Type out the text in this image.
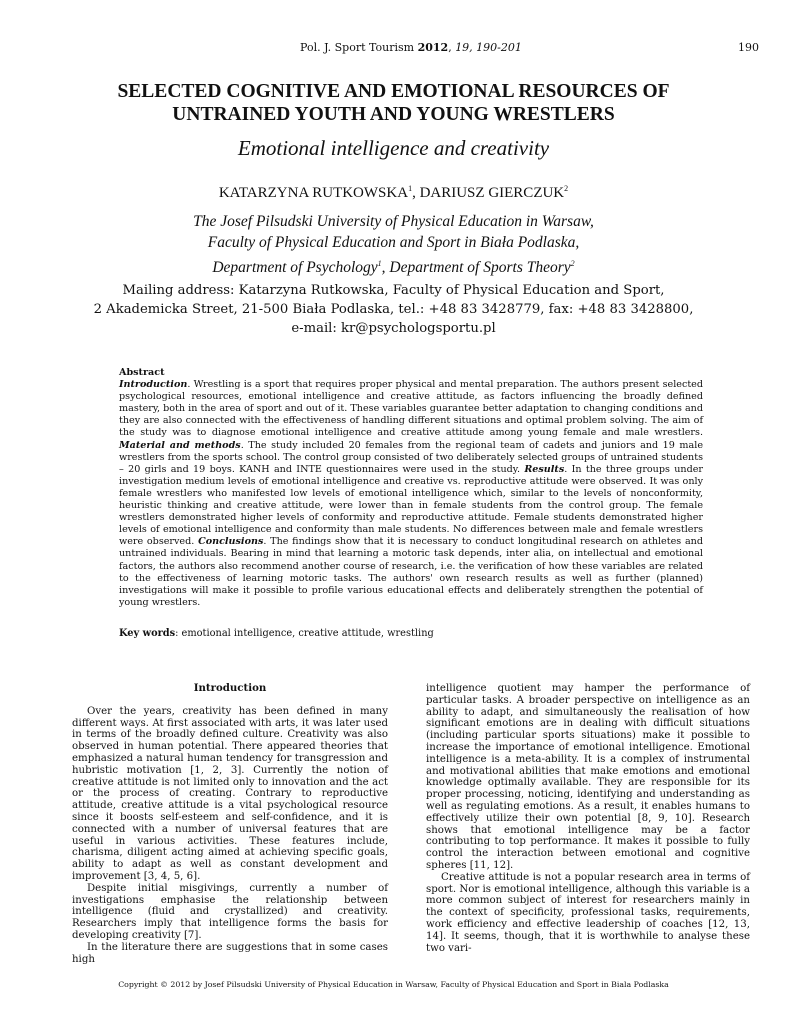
Pol. J. Sport Tourism 2012, 19, 190-201	190
SELECTED COGNITIVE AND EMOTIONAL RESOURCES OF
UNTRAINED YOUTH AND YOUNG WRESTLERS
Emotional intelligence and creativity
KATARZYNA RUTKOWSKA$^1$, DARIUSZ GIERCZUK$^2$
The Josef Pilsudski University of Physical Education in Warsaw,
Faculty of Physical Education and Sport in Biała Podlaska,
Department of Psychology$^1$, Department of Sports Theory$^2$
Mailing address: Katarzyna Rutkowska, Faculty of Physical Education and Sport,
2 Akademicka Street, 21-500 Biała Podlaska, tel.: +48 83 3428779, fax: +48 83 3428800,
e-mail: kr@psychologsportu.pl
Abstract
Introduction. Wrestling is a sport that requires proper physical and mental preparation. The authors present selected psychological resources, emotional intelligence and creative attitude, as factors influencing the broadly defined mastery, both in the area of sport and out of it. These variables guarantee better adaptation to changing conditions and they are also connected with the effectiveness of handling different situations and optimal problem solving. The aim of the study was to diagnose emotional intelligence and creative attitude among young female and male wrestlers. Material and methods. The study included 20 females from the regional team of cadets and juniors and 19 male wrestlers from the sports school. The control group consisted of two deliberately selected groups of untrained students – 20 girls and 19 boys. KANH and INTE questionnaires were used in the study. Results. In the three groups under investigation medium levels of emotional intelligence and creative vs. reproductive attitude were observed. It was only female wrestlers who manifested low levels of emotional intelligence which, similar to the levels of nonconformity, heuristic thinking and creative attitude, were lower than in female students from the control group. The female wrestlers demonstrated higher levels of conformity and reproductive attitude. Female students demonstrated higher levels of emotional intelligence and conformity than male students. No differences between male and female wrestlers were observed. Conclusions. The findings show that it is necessary to conduct longitudinal research on athletes and untrained individuals. Bearing in mind that learning a motoric task depends, inter alia, on intellectual and emotional factors, the authors also recommend another course of research, i.e. the verification of how these variables are related to the effectiveness of learning motoric tasks. The authors' own research results as well as further (planned) investigations will make it possible to profile various educational effects and deliberately strengthen the potential of young wrestlers.
Key words: emotional intelligence, creative attitude, wrestling

Introduction

Over the years, creativity has been defined in many different ways. At first associated with arts, it was later used in terms of the broadly defined culture. Creativity was also observed in human potential. There appeared theories that emphasized a natural human tendency for transgression and hubristic motivation [1, 2, 3]. Currently the notion of creative attitude is not limited only to innovation and the act or the process of creating. Contrary to reproductive attitude, creative attitude is a vital psychological resource since it boosts self-esteem and self-confidence, and it is connected with a number of universal features that are useful in various activities. These features include, charisma, diligent acting aimed at achieving specific goals, ability to adapt as well as constant development and improvement [3, 4, 5, 6].

Despite initial misgivings, currently a number of investigations emphasise the relationship between intelligence (fluid and crystallized) and creativity. Researchers imply that intelligence forms the basis for developing creativity [7].

In the literature there are suggestions that in some cases high

intelligence quotient may hamper the performance of particular tasks. A broader perspective on intelligence as an ability to adapt, and simultaneously the realisation of how significant emotions are in dealing with difficult situations (including particular sports situations) make it possible to increase the importance of emotional intelligence. Emotional intelligence is a meta-ability. It is a complex of instrumental and motivational abilities that make emotions and emotional knowledge optimally available. They are responsible for its proper processing, noticing, identifying and understanding as well as regulating emotions. As a result, it enables humans to effectively utilize their own potential [8, 9, 10]. Research shows that emotional intelligence may be a factor contributing to top performance. It makes it possible to fully control the interaction between emotional and cognitive spheres [11, 12].

Creative attitude is not a popular research area in terms of sport. Nor is emotional intelligence, although this variable is a more common subject of interest for researchers mainly in the context of specificity, professional tasks, requirements, work efficiency and effective leadership of coaches [12, 13, 14]. It seems, though, that it is worthwhile to analyse these two vari-

Copyright © 2012 by Josef Pilsudski University of Physical Education in Warsaw, Faculty of Physical Education and Sport in Biala Podlaska
